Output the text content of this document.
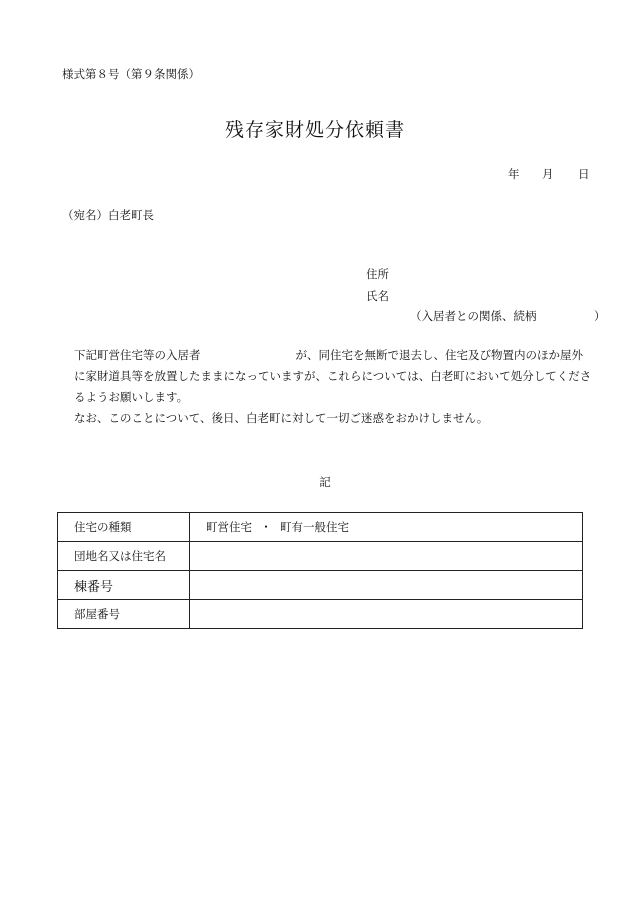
様式第８号（第９条関係）
残存家財処分依頼書
年 月 日
（宛名）白老町長
住所
氏名
（入居者との関係、続柄　　　　　）

下記町営住宅等の入居者	が、同住宅を無断で退去し、住宅及び物置内のほか屋外に家財道具等を放置したままになっていますが、これらについては、白老町において処分してくださるようお願いします。

なお、このことについて、後日、白老町に対して一切ご迷惑をおかけしません。

記
住宅の種類	町営住宅 ・ 町有一般住宅
団地名又は住宅名	
棟番号	
部屋番号	
